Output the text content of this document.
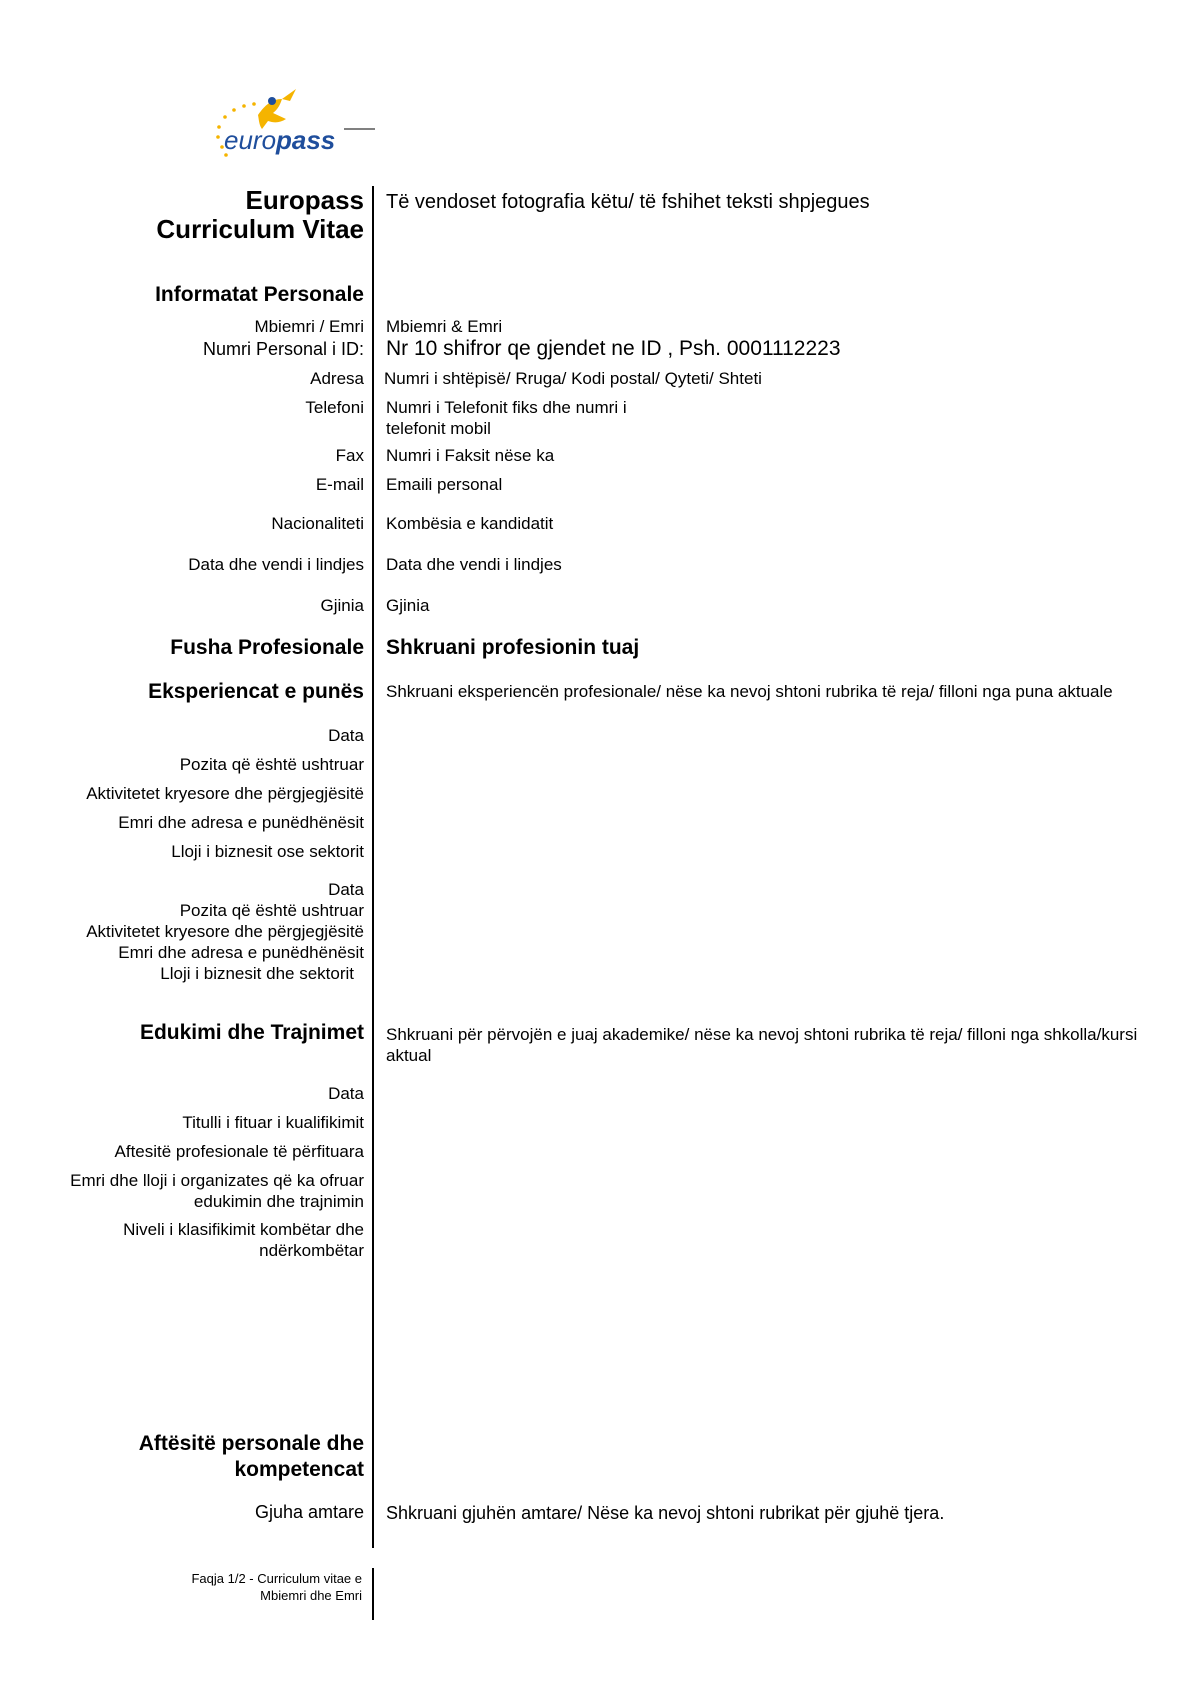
euro pass
Europass
Curriculum Vitae
Të vendoset fotografia këtu/ të fshihet teksti shpjegues
Informatat Personale
Mbiemri / Emri Mbiemri & Emri
Numri Personal i ID: Nr 10 shifror qe gjendet ne ID , Psh. 0001112223
Adresa Numri i shtëpisë/ Rruga/ Kodi postal/ Qyteti/ Shteti
Telefoni Numri i Telefonit fiks dhe numri i
telefonit mobil
Fax Numri i Faksit nëse ka
E-mail Emaili personal
Nacionaliteti Kombësia e kandidatit
Data dhe vendi i lindjes Data dhe vendi i lindjes
Gjinia Gjinia
Fusha Profesionale Shkruani profesionin tuaj
Eksperiencat e punës Shkruani eksperiencën profesionale/ nëse ka nevoj shtoni rubrika të reja/ filloni nga puna aktuale
Data
Pozita që është ushtruar
Aktivitetet kryesore dhe përgjegjësitë
Emri dhe adresa e punëdhënësit
Lloji i biznesit ose sektorit
Data
Pozita që është ushtruar
Aktivitetet kryesore dhe përgjegjësitë
Emri dhe adresa e punëdhënësit
Lloji i biznesit dhe sektorit
Edukimi dhe Trajnimet Shkruani për përvojën e juaj akademike/ nëse ka nevoj shtoni rubrika të reja/ filloni nga shkolla/kursi
aktual
Data
Titulli i fituar i kualifikimit
Aftesitë profesionale të përfituara
Emri dhe lloji i organizates që ka ofruar
edukimin dhe trajnimin
Niveli i klasifikimit kombëtar dhe
ndërkombëtar
Aftësitë personale dhe
kompetencat
Gjuha amtare Shkruani gjuhën amtare/ Nëse ka nevoj shtoni rubrikat për gjuhë tjera.
Faqja 1/2 - Curriculum vitae e
Mbiemri dhe Emri
